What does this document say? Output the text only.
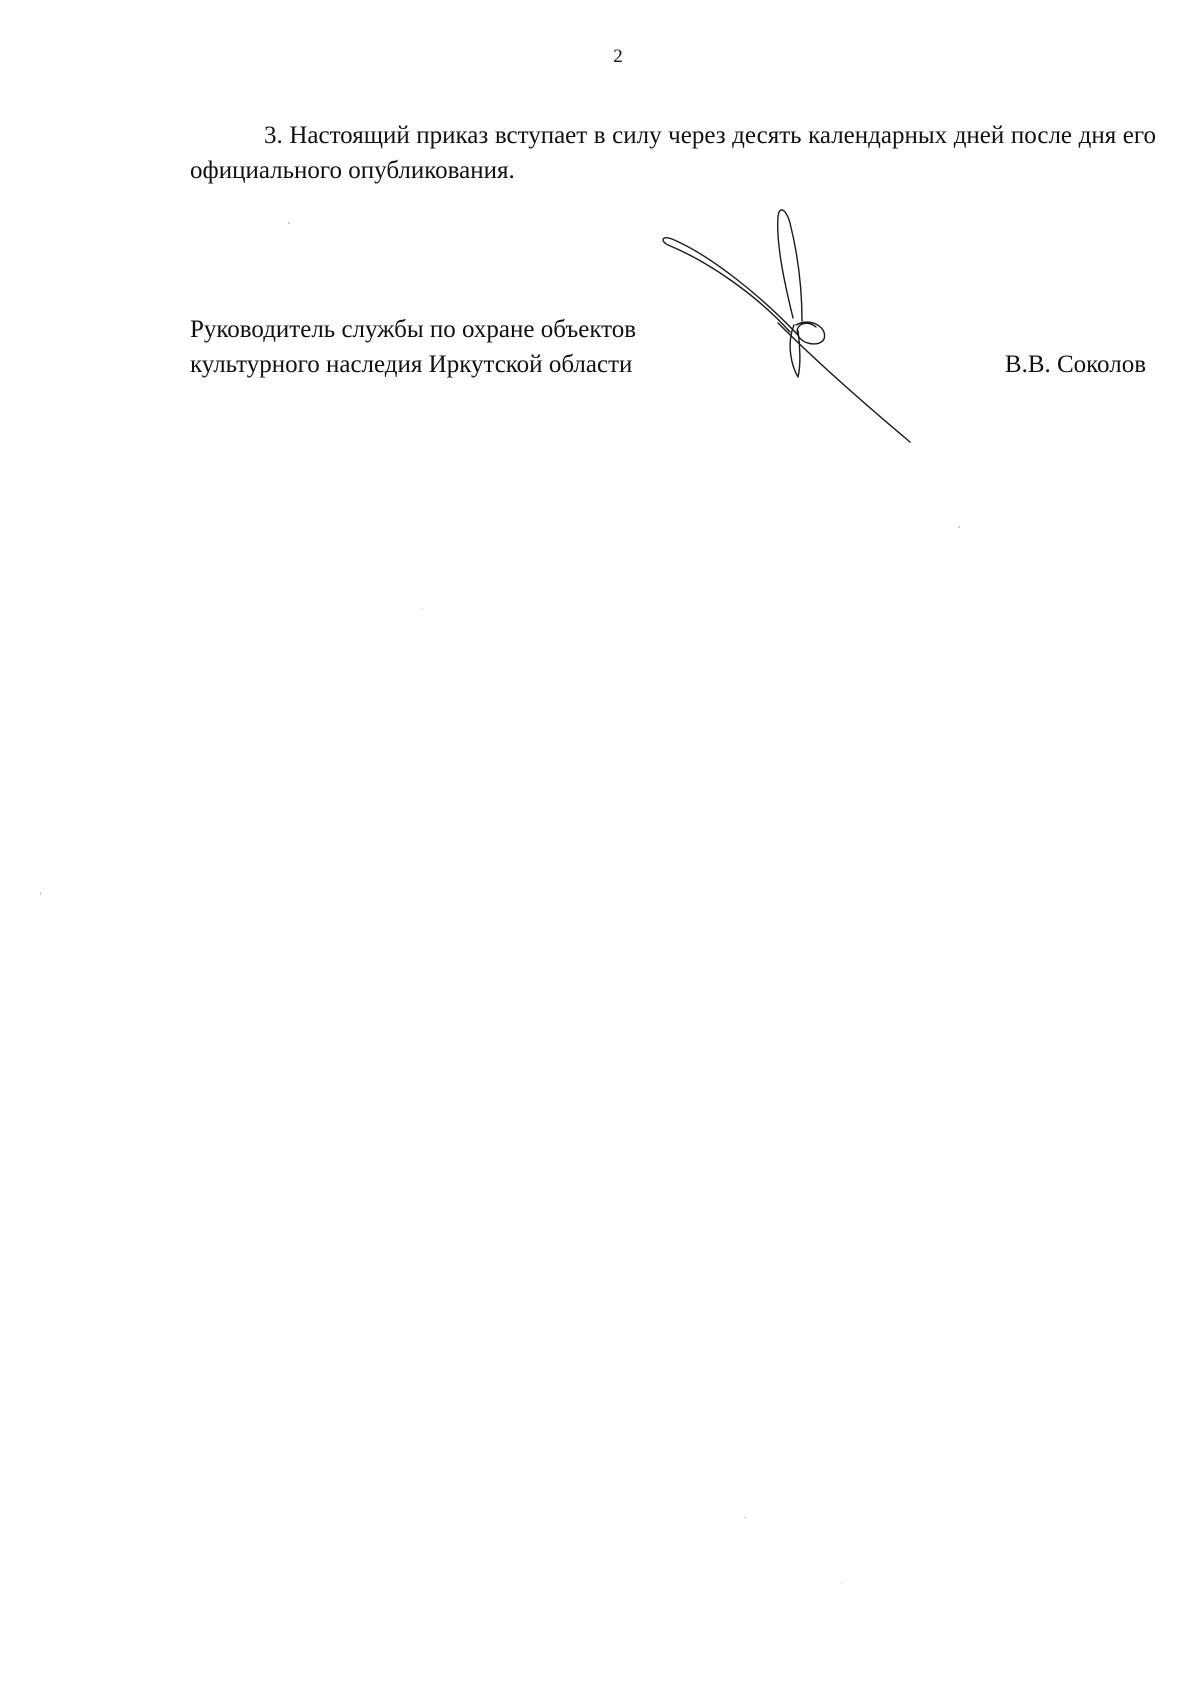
2

3. Настоящий приказ вступает в силу через десять календарных дней после дня его официального опубликования.

Руководитель службы по охране объектов
культурного наследия Иркутской области	В.В. Соколов
